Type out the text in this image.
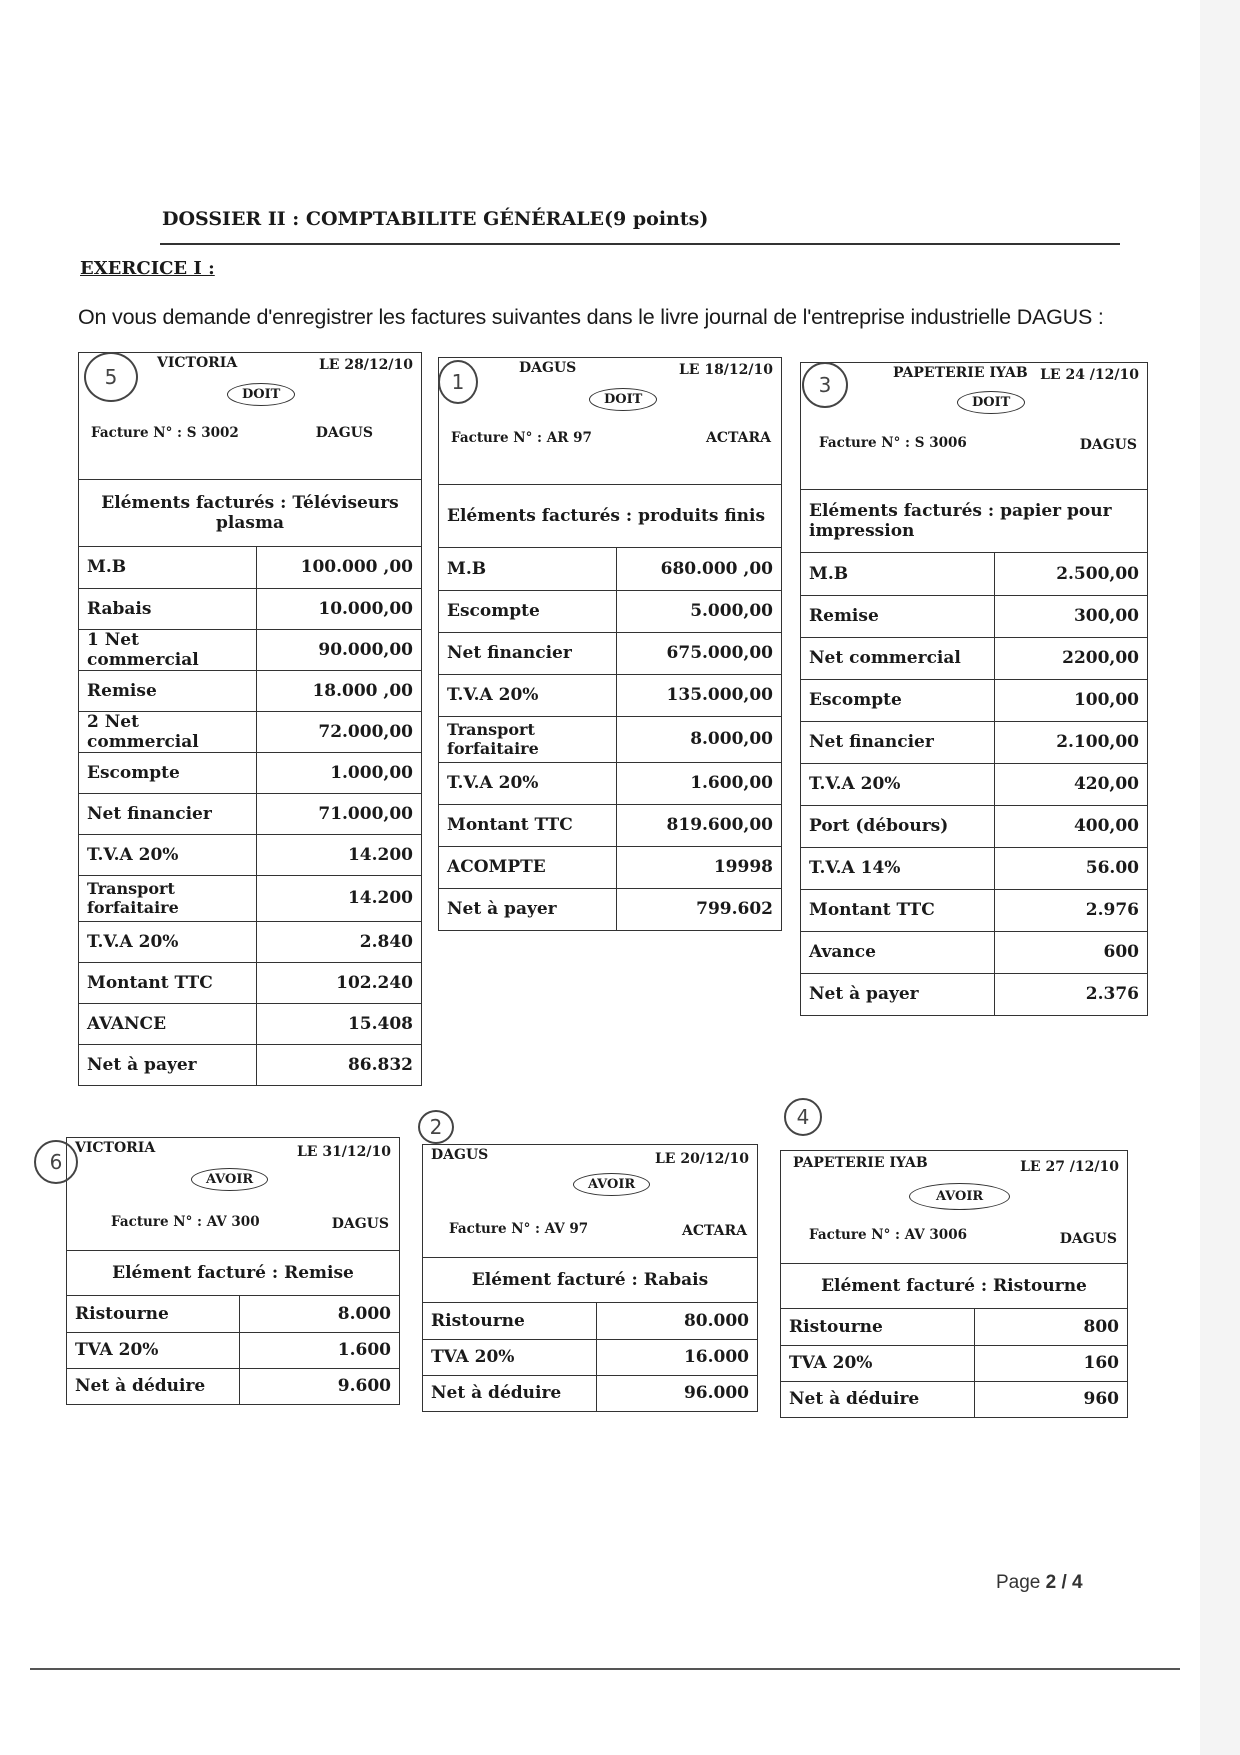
DOSSIER II : COMPTABILITE GÉNÉRALE(9 points)
EXERCICE I :
On vous demande d'enregistrer les factures suivantes dans le livre journal de l'entreprise industrielle DAGUS :
VICTORIA	LE 28/12/10
DOIT
Facture N° : S 3002	DAGUS
Eléments facturés : Téléviseurs plasma
M.B	100.000 ,00
Rabais	10.000,00
1 Net commercial	90.000,00
Remise	18.000 ,00
2 Net commercial	72.000,00
Escompte	1.000,00
Net financier	71.000,00
T.V.A 20%	14.200
Transport forfaitaire	14.200
T.V.A 20%	2.840
Montant TTC	102.240
AVANCE	15.408
Net à payer	86.832
DAGUS	LE 18/12/10
DOIT
Facture N° : AR 97	ACTARA
Eléments facturés : produits finis
M.B	680.000 ,00
Escompte	5.000,00
Net financier	675.000,00
T.V.A 20%	135.000,00
Transport forfaitaire	8.000,00
T.V.A 20%	1.600,00
Montant TTC	819.600,00
ACOMPTE	19998
Net à payer	799.602
PAPETERIE IYAB LE 24 /12/10
DOIT
Facture N° : S 3006	DAGUS
Eléments facturés : papier pour impression
M.B	2.500,00
Remise	300,00
Net commercial	2200,00
Escompte	100,00
Net financier	2.100,00
T.V.A 20%	420,00
Port (débours)	400,00
T.V.A 14%	56.00
Montant TTC	2.976
Avance	600
Net à payer	2.376
VICTORIA	LE 31/12/10
AVOIR
Facture N° : AV 300	DAGUS
Elément facturé : Remise
Ristourne	8.000
TVA 20%	1.600
Net à déduire	9.600
DAGUS	LE 20/12/10
AVOIR
Facture N° : AV 97	ACTARA
Elément facturé : Rabais
Ristourne	80.000
TVA 20%	16.000
Net à déduire	96.000
PAPETERIE IYAB	LE 27 /12/10
AVOIR
Facture N° : AV 3006	DAGUS
Elément facturé : Ristourne
Ristourne	800
TVA 20%	160
Net à déduire	960
5	1	3
6
2	4
Page 2 / 4
